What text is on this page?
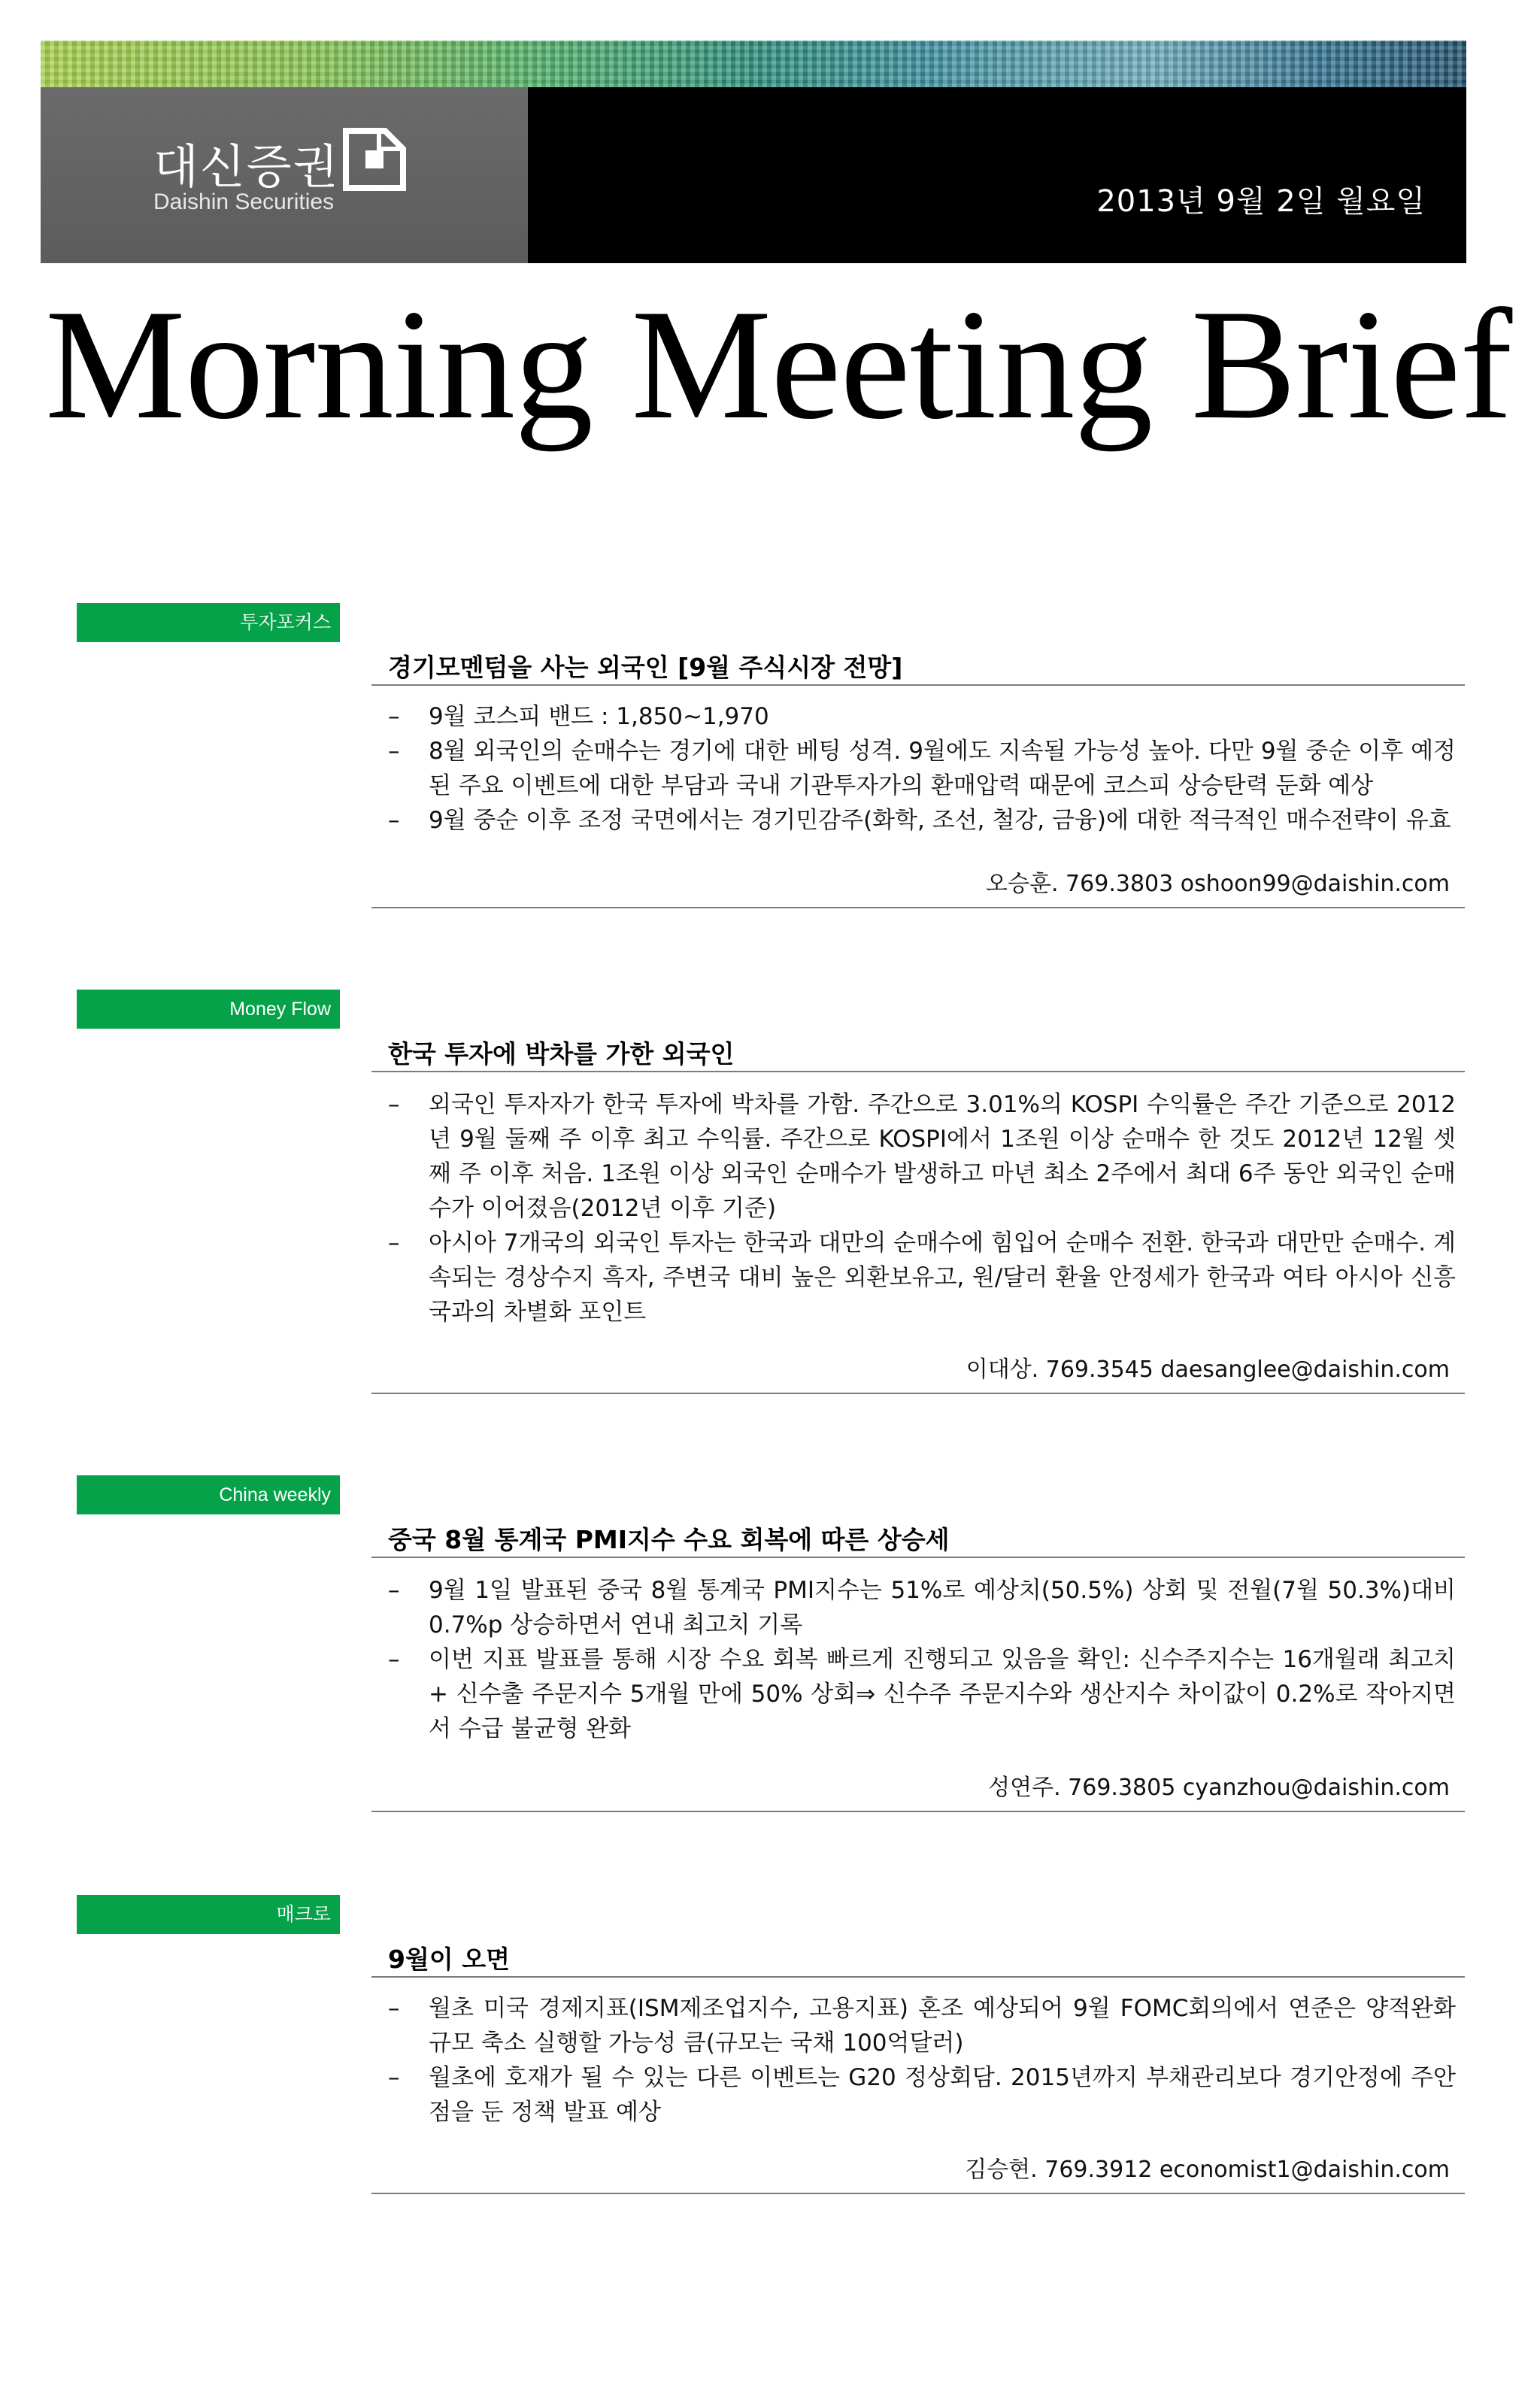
대신증권
Daishin Securities	2013년 9월 2일 월요일
Morning Meeting Brief
투자포커스
경기모멘텀을 사는 외국인 [9월 주식시장 전망]
–	9월 코스피 밴드 : 1,850~1,970
–	8월 외국인의 순매수는 경기에 대한 베팅 성격. 9월에도 지속될 가능성 높아. 다만 9월 중순 이후 예정된 주요 이벤트에 대한 부담과 국내 기관투자가의 환매압력 때문에 코스피 상승탄력 둔화 예상
–	9월 중순 이후 조정 국면에서는 경기민감주(화학, 조선, 철강, 금융)에 대한 적극적인 매수전략이 유효
오승훈. 769.3803 oshoon99@daishin.com
Money Flow
한국 투자에 박차를 가한 외국인
–	외국인 투자자가 한국 투자에 박차를 가함. 주간으로 3.01%의 KOSPI 수익률은 주간 기준으로 2012년 9월 둘째 주 이후 최고 수익률. 주간으로 KOSPI에서 1조원 이상 순매수 한 것도 2012년 12월 셋째 주 이후 처음. 1조원 이상 외국인 순매수가 발생하고 마년 최소 2주에서 최대 6주 동안 외국인 순매수가 이어졌음(2012년 이후 기준)
–	아시아 7개국의 외국인 투자는 한국과 대만의 순매수에 힘입어 순매수 전환. 한국과 대만만 순매수. 계속되는 경상수지 흑자, 주변국 대비 높은 외환보유고, 원/달러 환율 안정세가 한국과 여타 아시아 신흥국과의 차별화 포인트
이대상. 769.3545 daesanglee@daishin.com
China weekly
중국 8월 통계국 PMI지수 수요 회복에 따른 상승세
–	9월 1일 발표된 중국 8월 통계국 PMI지수는 51%로 예상치(50.5%) 상회 및 전월(7월 50.3%)대비 0.7%p 상승하면서 연내 최고치 기록
–	이번 지표 발표를 통해 시장 수요 회복 빠르게 진행되고 있음을 확인: 신수주지수는 16개월래 최고치 + 신수출 주문지수 5개월 만에 50% 상회⇒ 신수주 주문지수와 생산지수 차이값이 0.2%로 작아지면서 수급 불균형 완화
성연주. 769.3805 cyanzhou@daishin.com
매크로
9월이 오면
–	월초 미국 경제지표(ISM제조업지수, 고용지표) 혼조 예상되어 9월 FOMC회의에서 연준은 양적완화 규모 축소 실행할 가능성 큼(규모는 국채 100억달러)
–	월초에 호재가 될 수 있는 다른 이벤트는 G20 정상회담. 2015년까지 부채관리보다 경기안정에 주안점을 둔 정책 발표 예상
김승현. 769.3912 economist1@daishin.com
